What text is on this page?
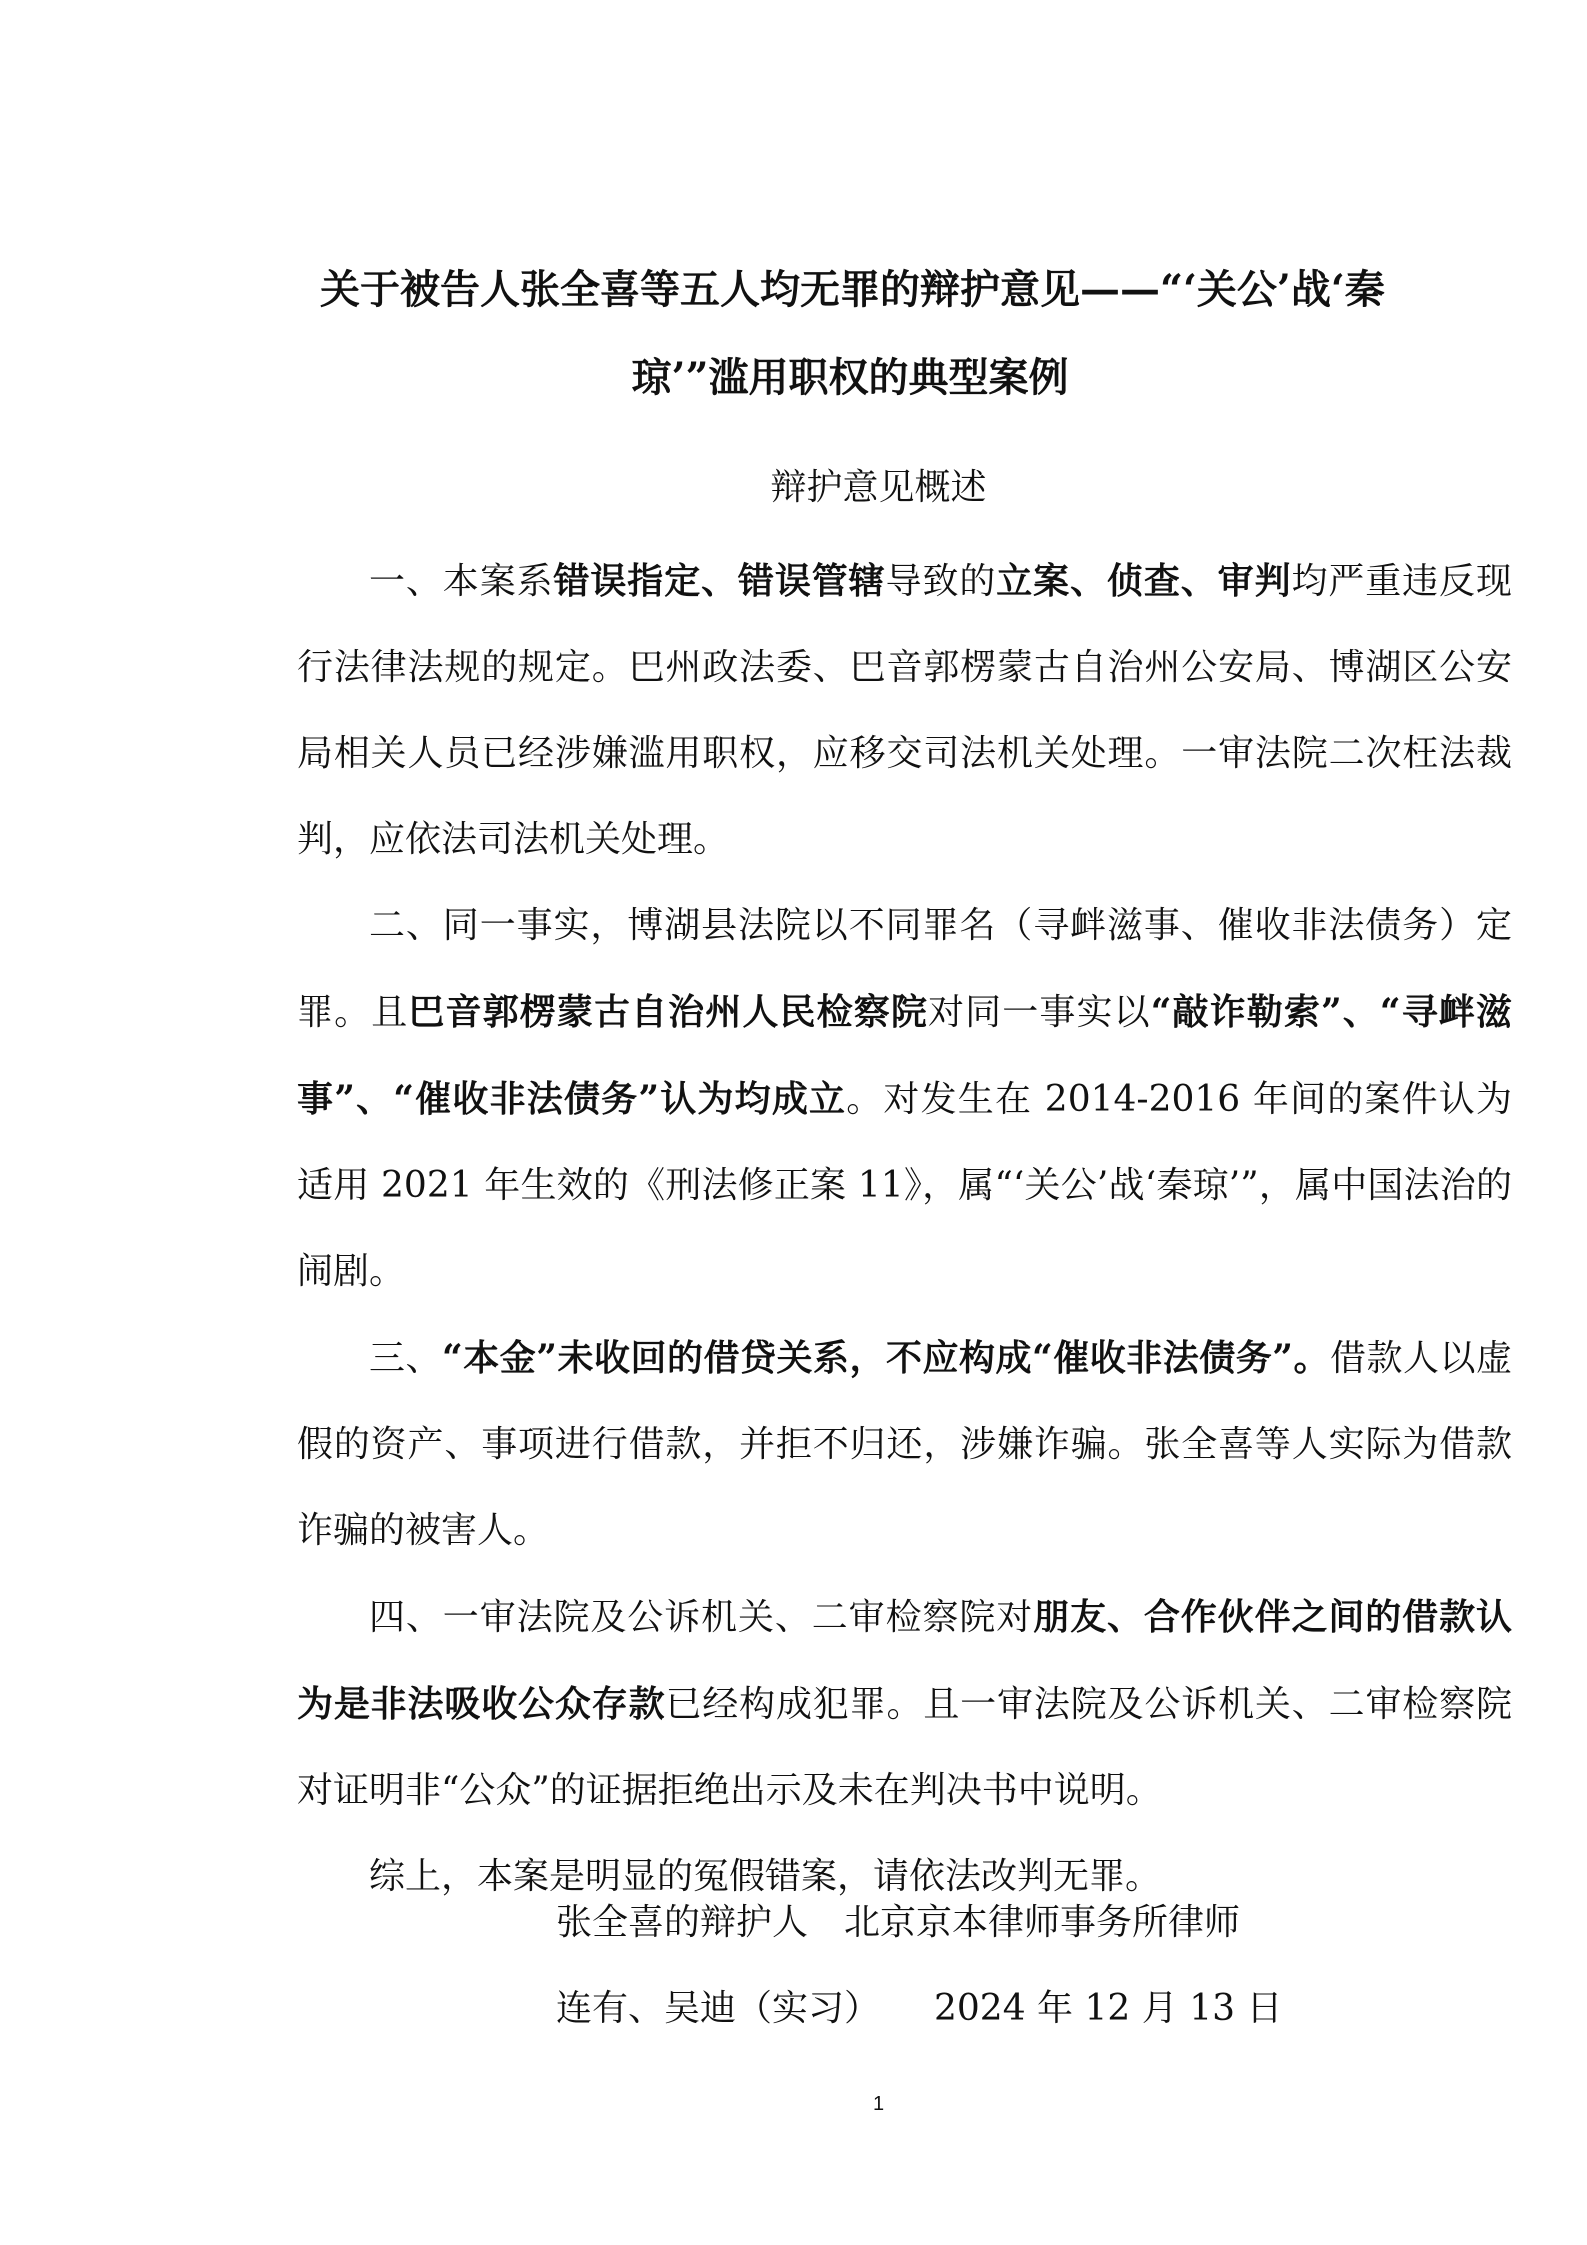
关于被告人张全喜等五人均无罪的辩护意见——“‘关公’战‘秦
琼’”滥用职权的典型案例
辩护意见概述

一、本案系错误指定、错误管辖导致的立案、侦查、审判均严重违反现行法律法规的规定。巴州政法委、巴音郭楞蒙古自治州公安局、博湖区公安局相关人员已经涉嫌滥用职权，应移交司法机关处理。一审法院二次枉法裁判，应依法司法机关处理。

二、同一事实，博湖县法院以不同罪名（寻衅滋事、催收非法债务）定罪。且巴音郭楞蒙古自治州人民检察院对同一事实以“敲诈勒索”、“寻衅滋事”、“催收非法债务”认为均成立。对发生在 2014-2016 年间的案件认为适用 2021 年生效的《刑法修正案 11》，属“‘关公’战‘秦琼’”，属中国法治的闹剧。

三、“本金”未收回的借贷关系，不应构成“催收非法债务”。借款人以虚假的资产、事项进行借款，并拒不归还，涉嫌诈骗。张全喜等人实际为借款诈骗的被害人。

四、一审法院及公诉机关、二审检察院对朋友、合作伙伴之间的借款认为是非法吸收公众存款已经构成犯罪。且一审法院及公诉机关、二审检察院对证明非“公众”的证据拒绝出示及未在判决书中说明。

综上，本案是明显的冤假错案，请依法改判无罪。

张全喜的辩护人　北京京本律师事务所律师
连有、吴迪（实习）　　2024 年 12 月 13 日
1
